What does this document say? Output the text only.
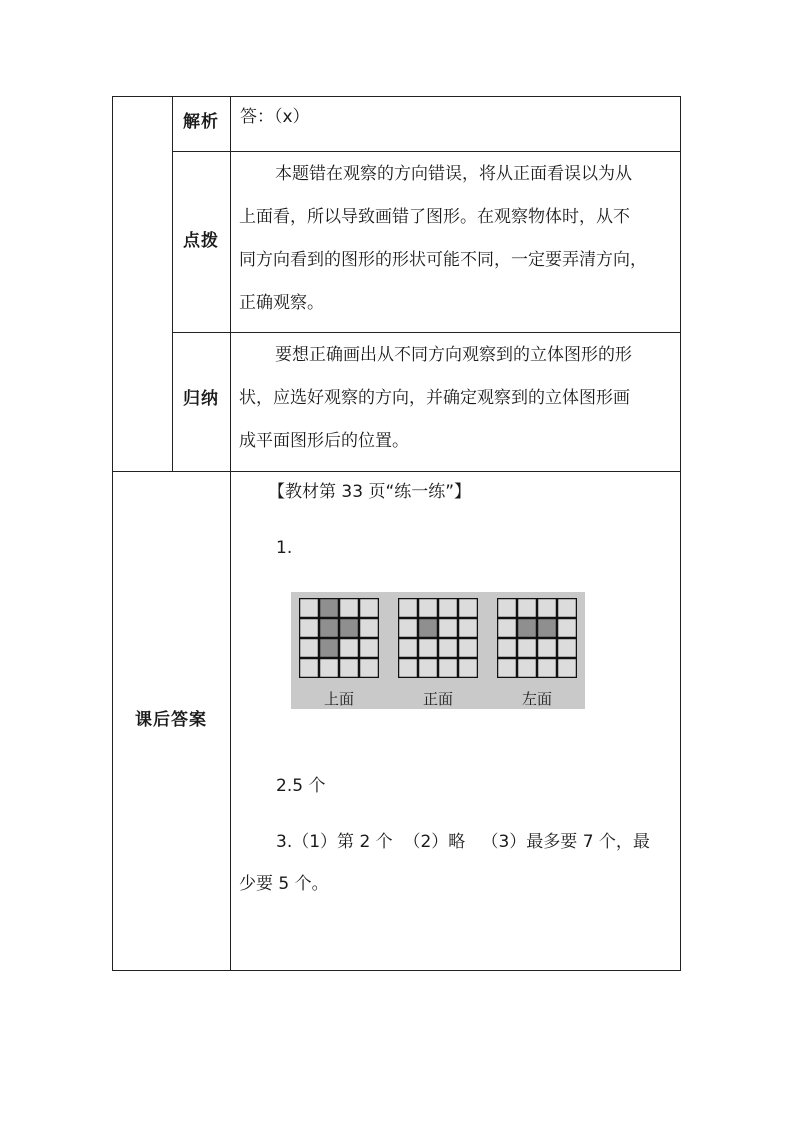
解析 答：（x）
点拨

本题错在观察的方向错误，将从正面看误以为从

上面看，所以导致画错了图形。在观察物体时，从不

同方向看到的图形的形状可能不同，一定要弄清方向，

正确观察。

归纳

要想正确画出从不同方向观察到的立体图形的形

状，应选好观察的方向，并确定观察到的立体图形画

成平面图形后的位置。

课后答案
【教材第 33 页“练一练”】
1.
上面	正面	左面
2.5 个
3.（1）第 2 个  （2）略   （3）最多要 7 个，最
少要 5 个。
